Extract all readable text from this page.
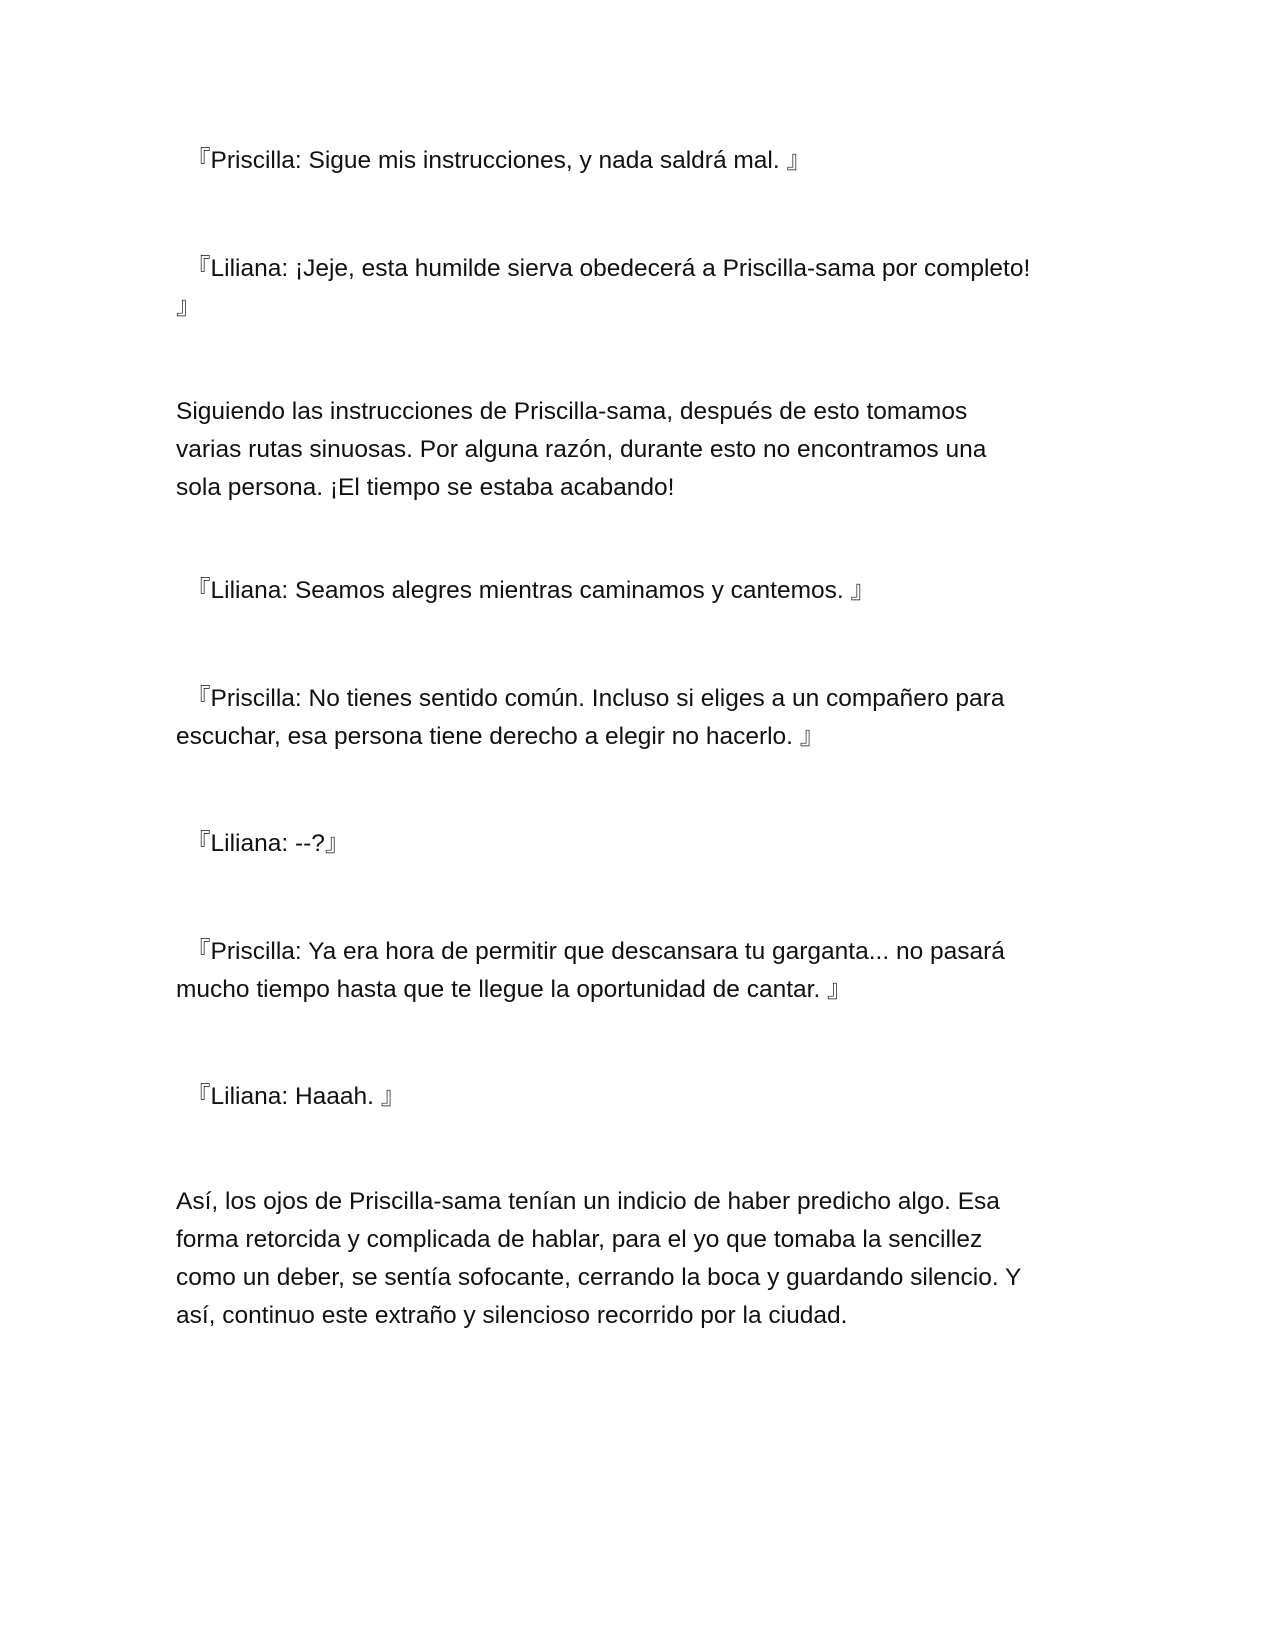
『Priscilla: Sigue mis instrucciones, y nada saldrá mal. 』

『Liliana: ¡Jeje, esta humilde sierva obedecerá a Priscilla-sama por completo!
』

Siguiendo las instrucciones de Priscilla-sama, después de esto tomamos
varias rutas sinuosas. Por alguna razón, durante esto no encontramos una
sola persona. ¡El tiempo se estaba acabando!

『Liliana: Seamos alegres mientras caminamos y cantemos. 』

『Priscilla: No tienes sentido común. Incluso si eliges a un compañero para
escuchar, esa persona tiene derecho a elegir no hacerlo. 』

『Liliana: --?』

『Priscilla: Ya era hora de permitir que descansara tu garganta... no pasará
mucho tiempo hasta que te llegue la oportunidad de cantar. 』

『Liliana: Haaah. 』

Así, los ojos de Priscilla-sama tenían un indicio de haber predicho algo. Esa
forma retorcida y complicada de hablar, para el yo que tomaba la sencillez
como un deber, se sentía sofocante, cerrando la boca y guardando silencio. Y
así, continuo este extraño y silencioso recorrido por la ciudad.
